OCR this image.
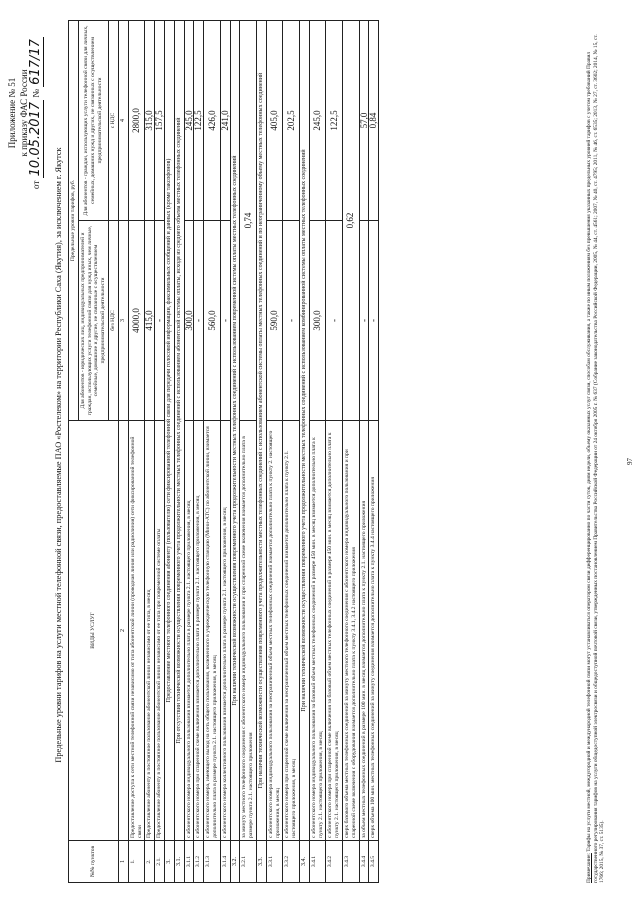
Приложение № 51 к приказу ФАС России
от 10.05.2017 № 617/17
Предельные уровни тарифов на услуги местной телефонной связи, предоставляемые ПАО «Ростелеком» на территории Республики Саха (Якутия), за исключением г. Якутск
№№ пунктов	ВИДЫ УСЛУГ	Предельные уровни тарифов, руб.	
		Для абонентов - юридических лиц, индивидуальных предпринимателей и граждан, использующих услуги телефонной связи для нужд иных, чем личные, семейные, домашние и другие, не связанные с осуществлением предпринимательской деятельности	Для абонентов - граждан, использующих услуги телефонной связи для личных, семейных, домашних нужд и других, не связанных с осуществлением предпринимательской деятельности
		без НДС	с НДС
1	2	3	4
1.	Предоставление доступа к сети местной телефонной связи независимо от типа абонентской линии (проводная линия или радиолиния) сети фиксированной телефонной связи	4000,0	2800,0
2.	Предоставление абоненту в постоянное пользование абонентской линии независимо от ее типа, в месяц	415,0	315,0
2.1.	Предоставление абоненту в постоянное пользование абонентской линии независимо от ее типа при повременной системе оплаты	-	157,5
3.	Предоставление местного телефонного соединения абоненту (пользователю) сети фиксированной телефонной связи для передачи голосовой информации, факсимильных сообщений и данных (кроме таксофонов)		
3.1.	При отсутствии технической возможности осуществления повременного учета продолжительности местных телефонных соединений с использованием абонентской системы оплаты, исходя из среднего объема местных телефонных соединений		
3.1.1	с абонентского номера индивидуального пользования взимается дополнительно плата в размере пункта 2.1. настоящего приложения, в месяц	300,0	245,0
3.1.2	с абонентского номера при спаренной схеме включения взимается дополнительно плата в размере пункта 2.1. настоящего приложения, в месяц	-	122,5
3.1.3	с абонентского номера, имеющего выход на сеть общего пользования, включенного в учрежденческую телефонную станцию (Мини-АТС) по абонентской линии, взимается дополнительно плата в размере пункта 2.1. настоящего приложения, в месяц	560,0	426,0
3.1.4	с абонентского номера коллективного пользования взимается дополнительно плата в размере пункта 2.1. настоящего приложения, в месяц	-	241,0
3.2.	При наличии технической возможности осуществления повременного учета продолжительности местных телефонных соединений с использованием повременной системы оплаты местных телефонных соединений		
3.2.1	за минуту местного телефонного соединения с абонентского номера индивидуального пользования и при спаренной схеме включения взимается дополнительно плата в размере пункта 2.1. настоящего приложения	0,74	
3.3.	При наличии технической возможности осуществления повременного учета продолжительности местных телефонных соединений с использованием абонентской системы оплаты местных телефонных соединений и по неограниченному объему местных телефонных соединений		
3.3.1	с абонентского номера индивидуального пользования за неограниченный объем местных телефонных соединений взимается дополнительно плата к пункту 2. настоящего приложения, в месяц	590,0	405,0
3.3.2	с абонентского номера при спаренной схеме включения за неограниченный объем местных телефонных соединений взимается дополнительно плата к пункту 2.1. настоящего приложения, в месяц	-	202,5
3.4.	При наличии технической возможности осуществления повременного учета продолжительности местных телефонных соединений с использованием комбинированной системы оплаты местных телефонных соединений		
3.4.1	с абонентского номера индивидуального пользования за базовый объем местных телефонных соединений в размере 450 мин. в месяц взимается дополнительно плата к пункту 2.1. настоящего приложения, в месяц	300,0	245,0
3.4.2	с абонентского номера при спаренной схеме включения за базовый объем местных телефонных соединений в размере 450 мин. в месяц взимается дополнительно плата к пункту 2.1. настоящего приложения, в месяц	-	122,5
3.4.3	сверх базового объема местных телефонных соединений за минуту местного телефонного соединения с абонентского номера индивидуального пользования и при спаренной схеме включения с оборудования взимается дополнительно плата к пункту 3.4.1, 3.4.2 настоящего приложения	0,62	
3.4.4	за объем местных телефонных соединений в размере 100 мин. в месяц взимается дополнительно плата к пункту 2.1. настоящего приложения	-	57,0
3.4.5	сверх объема 100 мин. местных телефонных соединений за минуту соединения взимается дополнительно плата к пункту 3.4.4 настоящего приложения	-	0,84
Примечание: Тарифы на услуги местной, междугородной и международной телефонной связи могут устанавливаться оператором связи дифференцированно по части суток, дням недели, объему оказанных услуг связи, способам обслуживания, а также по иным положениям без превышения указанных предельных уровней тарифов с учетом требований Правил государственного регулирования тарифов на услуги общедоступной электросвязи и общедоступной почтовой связи, утвержденных постановлением Правительства Российской Федерации от 24 октября 2005 г. № 637 (Собрание законодательства Российской Федерации, 2005, № 44, ст. 4561; 2007, № 40, ст. 4795; 2011, № 46, ст. 6535; 2013, № 27, ст. 3602; 2014, № 15, ст. 1766; 2015, № 37, ст. 5135).
97
